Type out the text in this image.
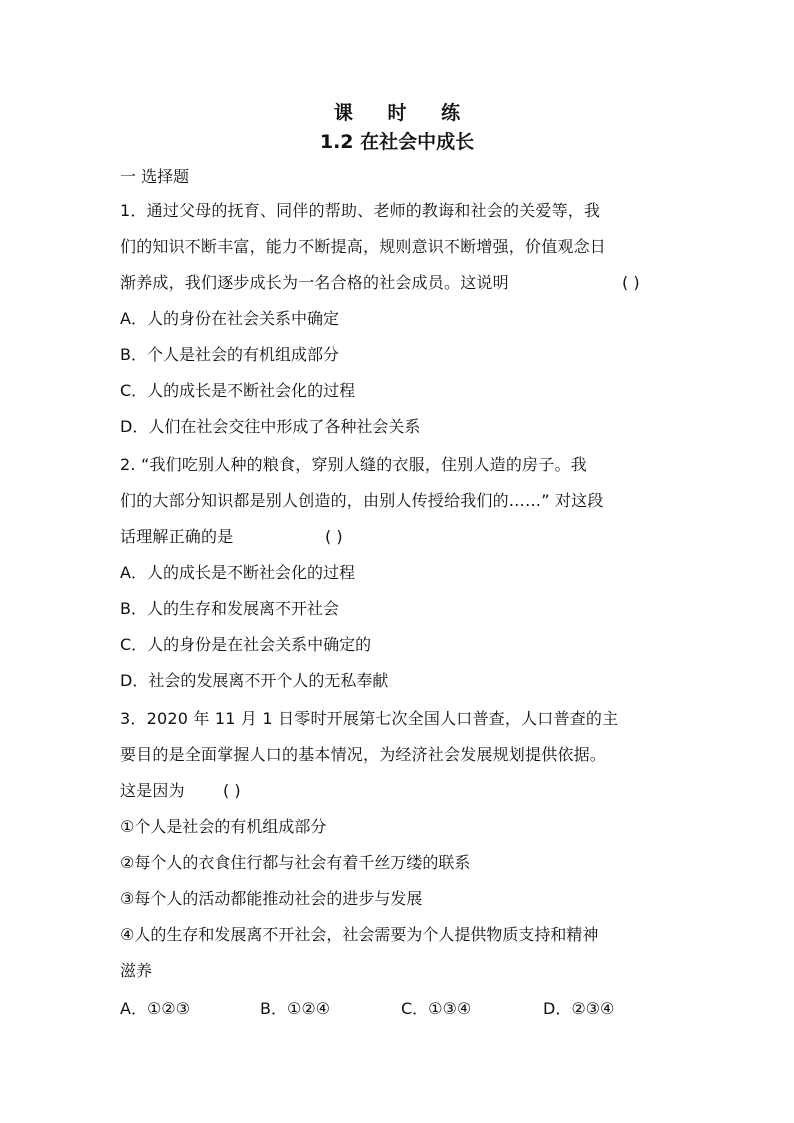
课 时 练
1.2 在社会中成长
一 选择题
1．通过父母的抚育、同伴的帮助、老师的教诲和社会的关爱等，我
们的知识不断丰富，能力不断提高，规则意识不断增强，价值观念日
渐养成，我们逐步成长为一名合格的社会成员。这说明	( )
A．人的身份在社会关系中确定
B．个人是社会的有机组成部分
C．人的成长是不断社会化的过程
D．人们在社会交往中形成了各种社会关系
2. “我们吃别人种的粮食，穿别人缝的衣服，住别人造的房子。我
们的大部分知识都是别人创造的，由别人传授给我们的……” 对这段
话理解正确的是	( )
A．人的成长是不断社会化的过程
B．人的生存和发展离不开社会
C．人的身份是在社会关系中确定的
D．社会的发展离不开个人的无私奉献
3．2020 年 11 月 1 日零时开展第七次全国人口普查，人口普查的主
要目的是全面掌握人口的基本情况，为经济社会发展规划提供依据。
这是因为 ( )
①个人是社会的有机组成部分
②每个人的衣食住行都与社会有着千丝万缕的联系
③每个人的活动都能推动社会的进步与发展
④人的生存和发展离不开社会，社会需要为个人提供物质支持和精神
滋养
A．①②③	B．①②④	C．①③④	D．②③④
